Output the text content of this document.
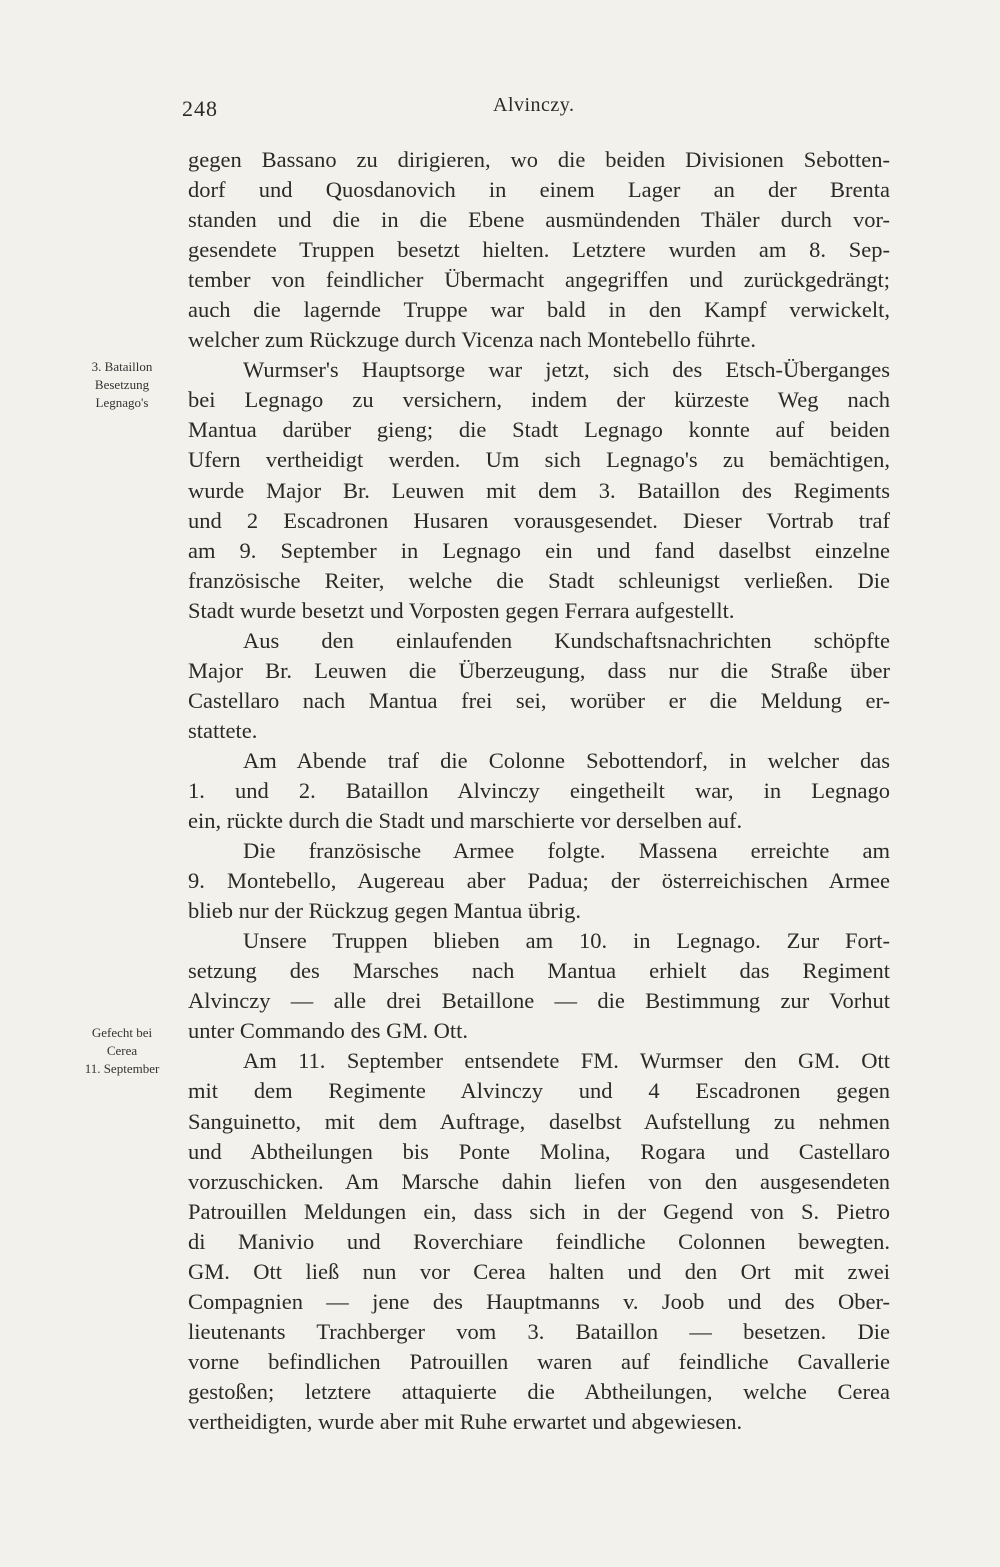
248	Alvinczy.
3. Bataillon
Besetzung
Legnago's
Gefecht bei
Cerea
11. September
gegen Bassano zu dirigieren, wo die beiden Divisionen Sebotten-
dorf und Quosdanovich in einem Lager an der Brenta
standen und die in die Ebene ausmündenden Thäler durch vor-
gesendete Truppen besetzt hielten. Letztere wurden am 8. Sep-
tember von feindlicher Übermacht angegriffen und zurückgedrängt;
auch die lagernde Truppe war bald in den Kampf verwickelt,
welcher zum Rückzuge durch Vicenza nach Montebello führte.
Wurmser's Hauptsorge war jetzt, sich des Etsch-Überganges
bei Legnago zu versichern, indem der kürzeste Weg nach
Mantua darüber gieng; die Stadt Legnago konnte auf beiden
Ufern vertheidigt werden. Um sich Legnago's zu bemächtigen,
wurde Major Br. Leuwen mit dem 3. Bataillon des Regiments
und 2 Escadronen Husaren vorausgesendet. Dieser Vortrab traf
am 9. September in Legnago ein und fand daselbst einzelne
französische Reiter, welche die Stadt schleunigst verließen. Die
Stadt wurde besetzt und Vorposten gegen Ferrara aufgestellt.
Aus den einlaufenden Kundschaftsnachrichten schöpfte
Major Br. Leuwen die Überzeugung, dass nur die Straße über
Castellaro nach Mantua frei sei, worüber er die Meldung er-
stattete.
Am Abende traf die Colonne Sebottendorf, in welcher das
1. und 2. Bataillon Alvinczy eingetheilt war, in Legnago
ein, rückte durch die Stadt und marschierte vor derselben auf.
Die französische Armee folgte. Massena erreichte am
9. Montebello, Augereau aber Padua; der österreichischen Armee
blieb nur der Rückzug gegen Mantua übrig.
Unsere Truppen blieben am 10. in Legnago. Zur Fort-
setzung des Marsches nach Mantua erhielt das Regiment
Alvinczy — alle drei Betaillone — die Bestimmung zur Vorhut
unter Commando des GM. Ott.
Am 11. September entsendete FM. Wurmser den GM. Ott
mit dem Regimente Alvinczy und 4 Escadronen gegen
Sanguinetto, mit dem Auftrage, daselbst Aufstellung zu nehmen
und Abtheilungen bis Ponte Molina, Rogara und Castellaro
vorzuschicken. Am Marsche dahin liefen von den ausgesendeten
Patrouillen Meldungen ein, dass sich in der Gegend von S. Pietro
di Manivio und Roverchiare feindliche Colonnen bewegten.
GM. Ott ließ nun vor Cerea halten und den Ort mit zwei
Compagnien — jene des Hauptmanns v. Joob und des Ober-
lieutenants Trachberger vom 3. Bataillon — besetzen. Die
vorne befindlichen Patrouillen waren auf feindliche Cavallerie
gestoßen; letztere attaquierte die Abtheilungen, welche Cerea
vertheidigten, wurde aber mit Ruhe erwartet und abgewiesen.
